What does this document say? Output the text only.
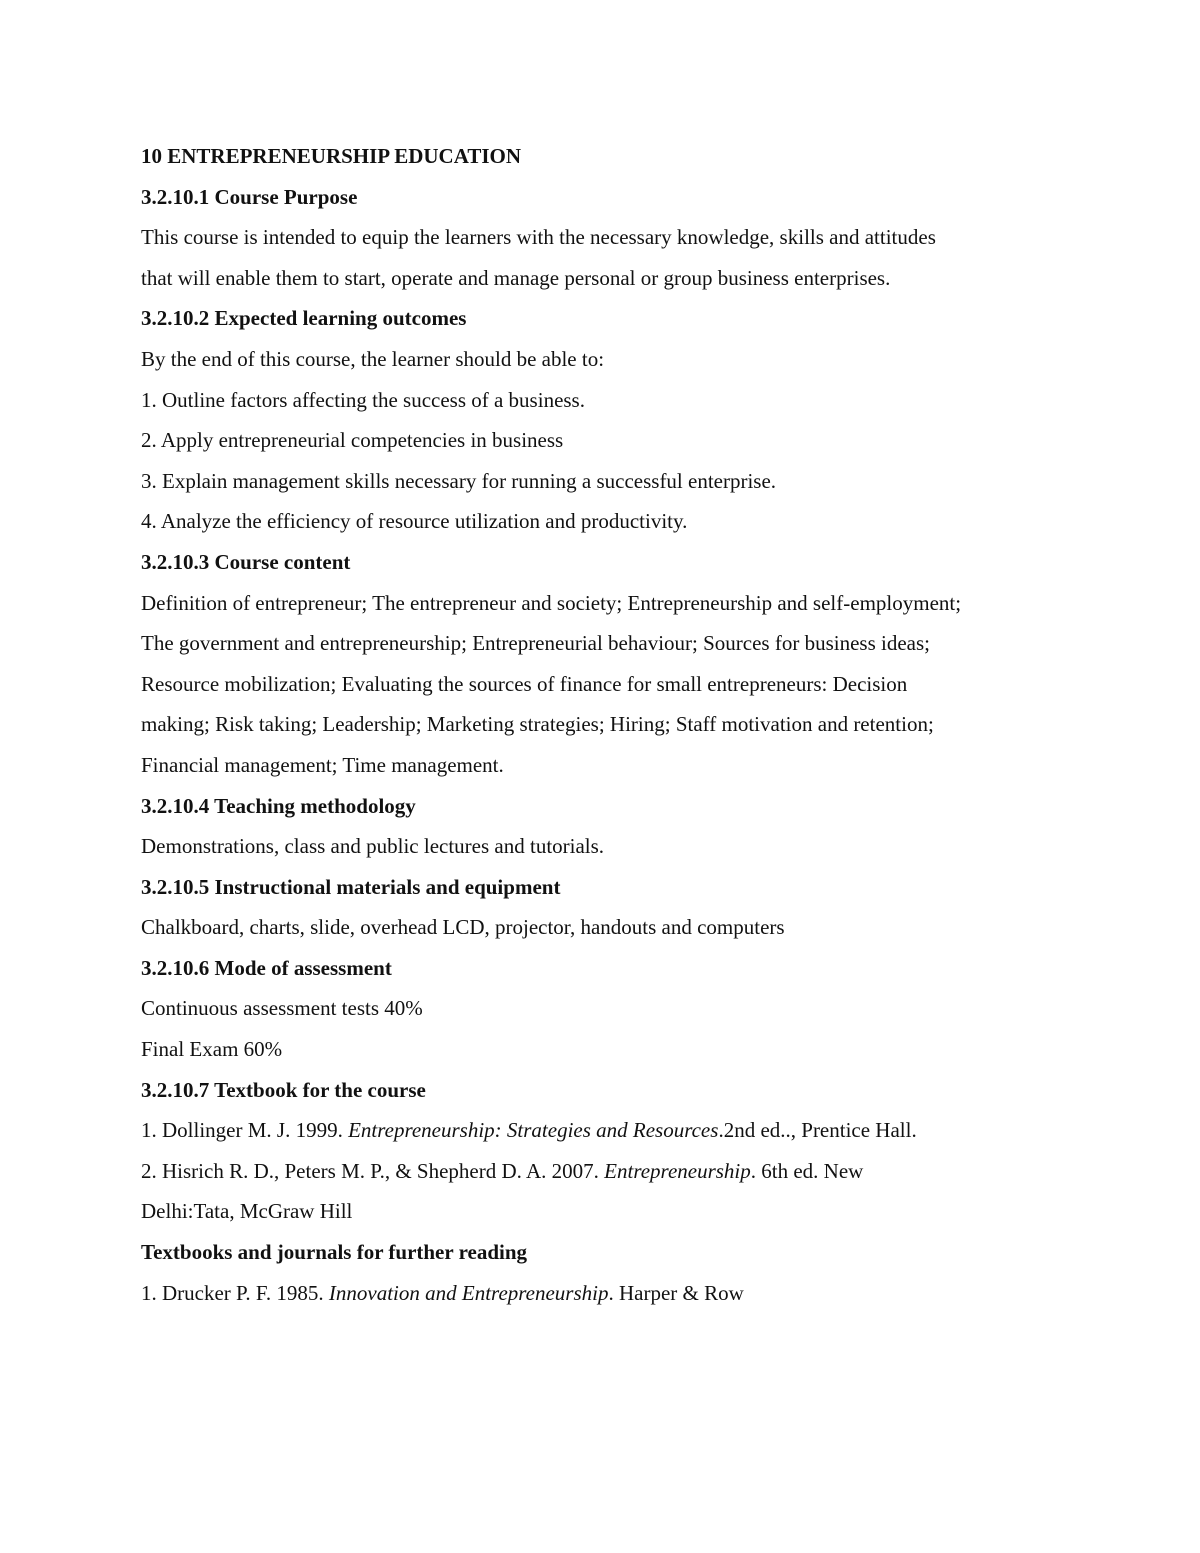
10 ENTREPRENEURSHIP EDUCATION

3.2.10.1 Course Purpose

This course is intended to equip the learners with the necessary knowledge, skills and attitudes

that will enable them to start, operate and manage personal or group business enterprises.

3.2.10.2 Expected learning outcomes

By the end of this course, the learner should be able to:

1. Outline factors affecting the success of a business.

2. Apply entrepreneurial competencies in business

3. Explain management skills necessary for running a successful enterprise.

4. Analyze the efficiency of resource utilization and productivity.

3.2.10.3 Course content

Definition of entrepreneur; The entrepreneur and society; Entrepreneurship and self-employment;

The government and entrepreneurship; Entrepreneurial behaviour; Sources for business ideas;

Resource mobilization; Evaluating the sources of finance for small entrepreneurs: Decision

making; Risk taking; Leadership; Marketing strategies; Hiring; Staff motivation and retention;

Financial management; Time management.

3.2.10.4 Teaching methodology

Demonstrations, class and public lectures and tutorials.

3.2.10.5 Instructional materials and equipment

Chalkboard, charts, slide, overhead LCD, projector, handouts and computers

3.2.10.6 Mode of assessment

Continuous assessment tests 40%

Final Exam 60%

3.2.10.7 Textbook for the course

1. Dollinger M. J. 1999. Entrepreneurship: Strategies and Resources.2nd ed.., Prentice Hall.

2. Hisrich R. D., Peters M. P., & Shepherd D. A. 2007. Entrepreneurship. 6th ed. New

Delhi:Tata, McGraw Hill

Textbooks and journals for further reading

1. Drucker P. F. 1985. Innovation and Entrepreneurship. Harper & Row
